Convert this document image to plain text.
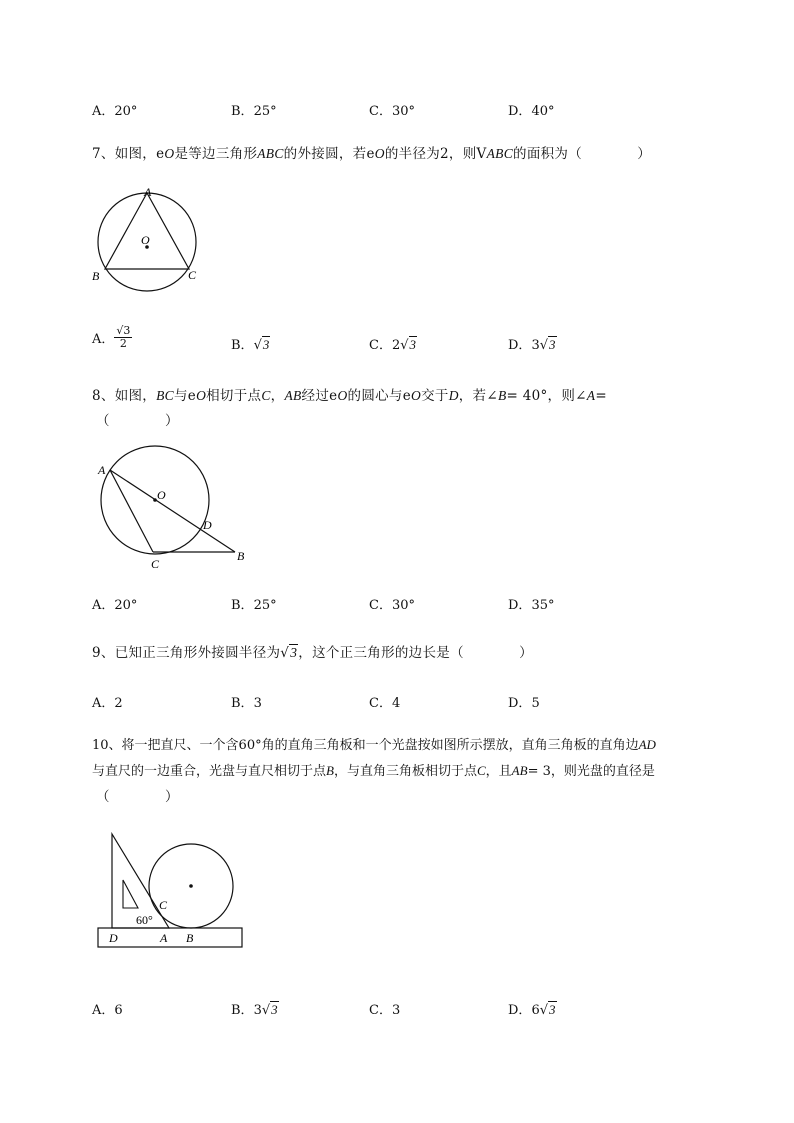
A．20°	B．25°	C．30°	D．40°
7、如图，eO是等边三角形ABC的外接圆，若eO的半径为2，则VABC的面积为（　　　　）
A
O
B	C
A． $\frac{√3}{2}$	B．√3	C．2√3	D．3√3
8、如图，BC与eO相切于点C，AB经过eO的圆心与eO交于D，若∠B= 40°，则∠A=
（　　　　）
A
O
D
C
B
A．20°	B．25°	C．30°	D．35°
9、已知正三角形外接圆半径为√3，这个正三角形的边长是（　　　　）
A．2	B．3	C．4	D．5
10、将一把直尺、一个含60°角的直角三角板和一个光盘按如图所示摆放，直角三角板的直角边AD
与直尺的一边重合，光盘与直尺相切于点B，与直角三角板相切于点C，且AB= 3，则光盘的直径是
（　　　　）
60°
C
D	A B
A．6	B．3√3	C．3	D．6√3
